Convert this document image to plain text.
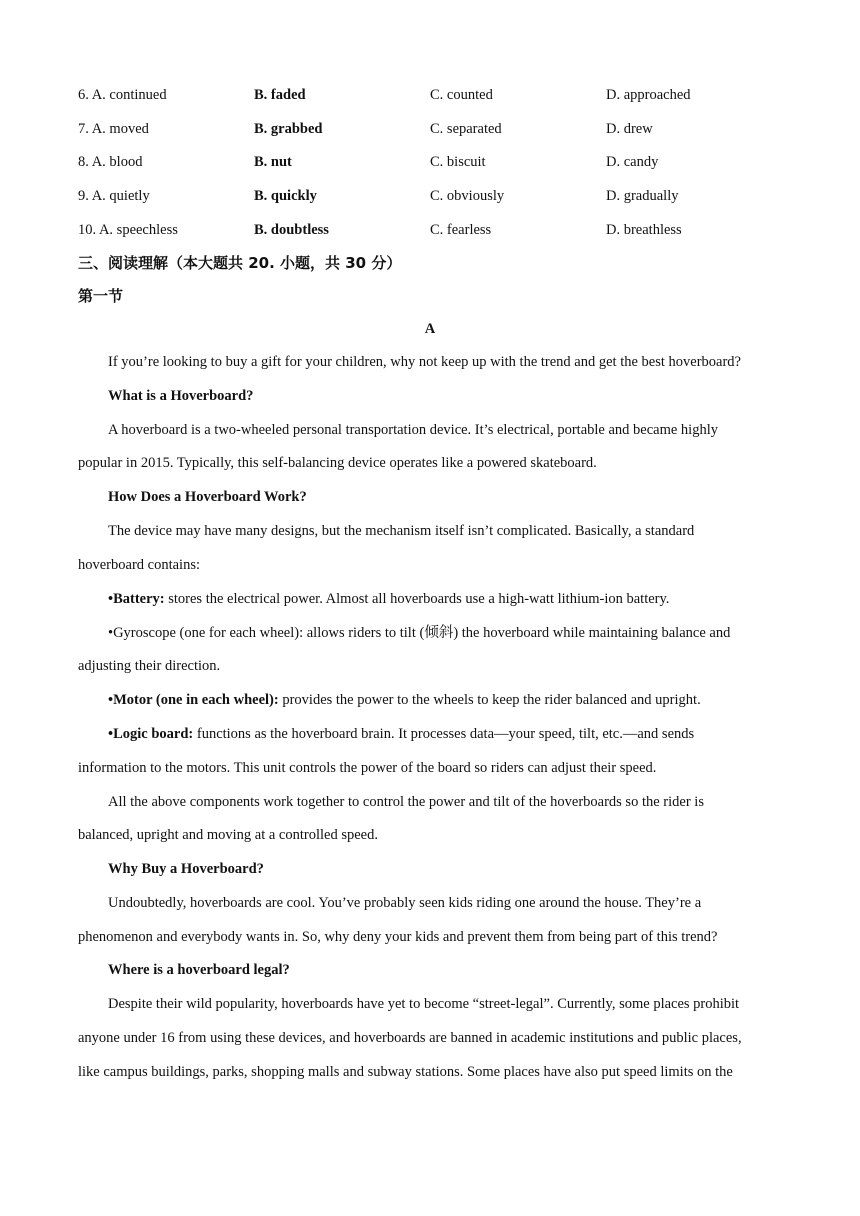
6. A. continued	B. faded	C. counted	D. approached
7. A. moved	B. grabbed	C. separated	D. drew
8. A. blood	B. nut	C. biscuit	D. candy
9. A. quietly	B. quickly	C. obviously	D. gradually
10. A. speechless	B. doubtless	C. fearless	D. breathless
三、阅读理解（本大题共 20. 小题，共 30 分）
第一节
A
If you’re looking to buy a gift for your children, why not keep up with the trend and get the best hoverboard?
What is a Hoverboard?
A hoverboard is a two-wheeled personal transportation device. It’s electrical, portable and became highly
popular in 2015. Typically, this self-balancing device operates like a powered skateboard.
How Does a Hoverboard Work?
The device may have many designs, but the mechanism itself isn’t complicated. Basically, a standard
hoverboard contains:
•Battery: stores the electrical power. Almost all hoverboards use a high-watt lithium-ion battery.
•Gyroscope (one for each wheel): allows riders to tilt (倾斜) the hoverboard while maintaining balance and
adjusting their direction.
•Motor (one in each wheel): provides the power to the wheels to keep the rider balanced and upright.
•Logic board: functions as the hoverboard brain. It processes data—your speed, tilt, etc.—and sends
information to the motors. This unit controls the power of the board so riders can adjust their speed.
All the above components work together to control the power and tilt of the hoverboards so the rider is
balanced, upright and moving at a controlled speed.
Why Buy a Hoverboard?
Undoubtedly, hoverboards are cool. You’ve probably seen kids riding one around the house. They’re a
phenomenon and everybody wants in. So, why deny your kids and prevent them from being part of this trend?
Where is a hoverboard legal?
Despite their wild popularity, hoverboards have yet to become “street-legal”. Currently, some places prohibit
anyone under 16 from using these devices, and hoverboards are banned in academic institutions and public places,
like campus buildings, parks, shopping malls and subway stations. Some places have also put speed limits on the
